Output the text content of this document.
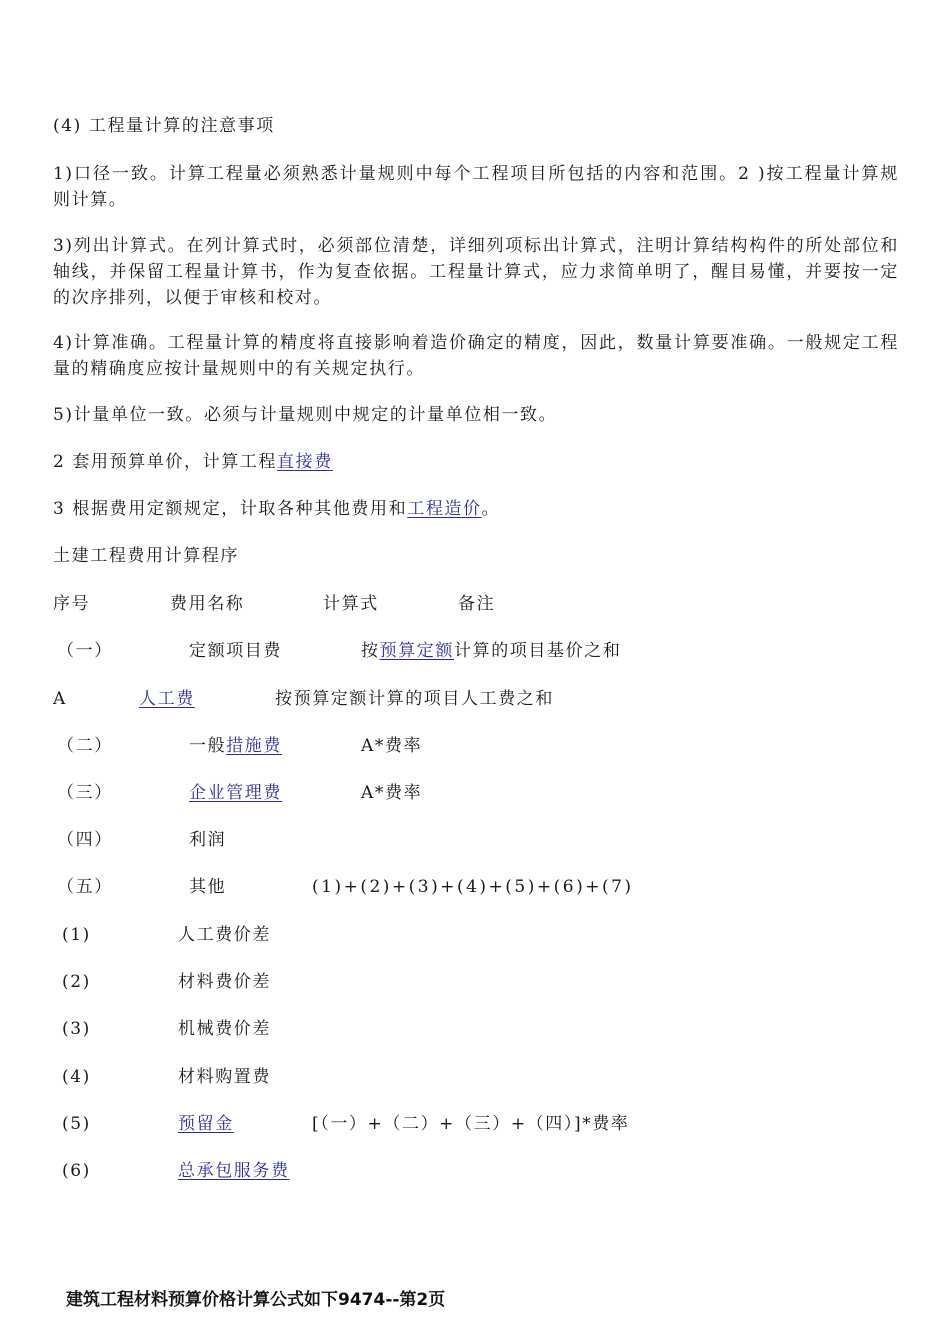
(4) 工程量计算的注意事项
1)口径一致。计算工程量必须熟悉计量规则中每个工程项目所包括的内容和范围。2 )按工程量计算规则计算。
3)列出计算式。在列计算式时，必须部位清楚，详细列项标出计算式，注明计算结构构件的所处部位和轴线，并保留工程量计算书，作为复查依据。工程量计算式，应力求简单明了，醒目易懂，并要按一定的次序排列，以便于审核和校对。
4)计算准确。工程量计算的精度将直接影响着造价确定的精度，因此，数量计算要准确。一般规定工程量的精确度应按计量规则中的有关规定执行。
5)计量单位一致。必须与计量规则中规定的计量单位相一致。
2 套用预算单价，计算工程直接费
3 根据费用定额规定，计取各种其他费用和工程造价。
土建工程费用计算程序
序号	费用名称	计算式	备注
（一）	定额项目费	按预算定额计算的项目基价之和
A	人工费	按预算定额计算的项目人工费之和
（二）	一般措施费	A*费率
（三）	企业管理费	A*费率
（四）	利润
（五）	其他	(1)+(2)+(3)+(4)+(5)+(6)+(7)
(1)	人工费价差
(2)	材料费价差
(3)	机械费价差
(4)	材料购置费
(5)	预留金	[（一）+（二）+（三）+（四）]*费率
(6)	总承包服务费
建筑工程材料预算价格计算公式如下9474--第2页
